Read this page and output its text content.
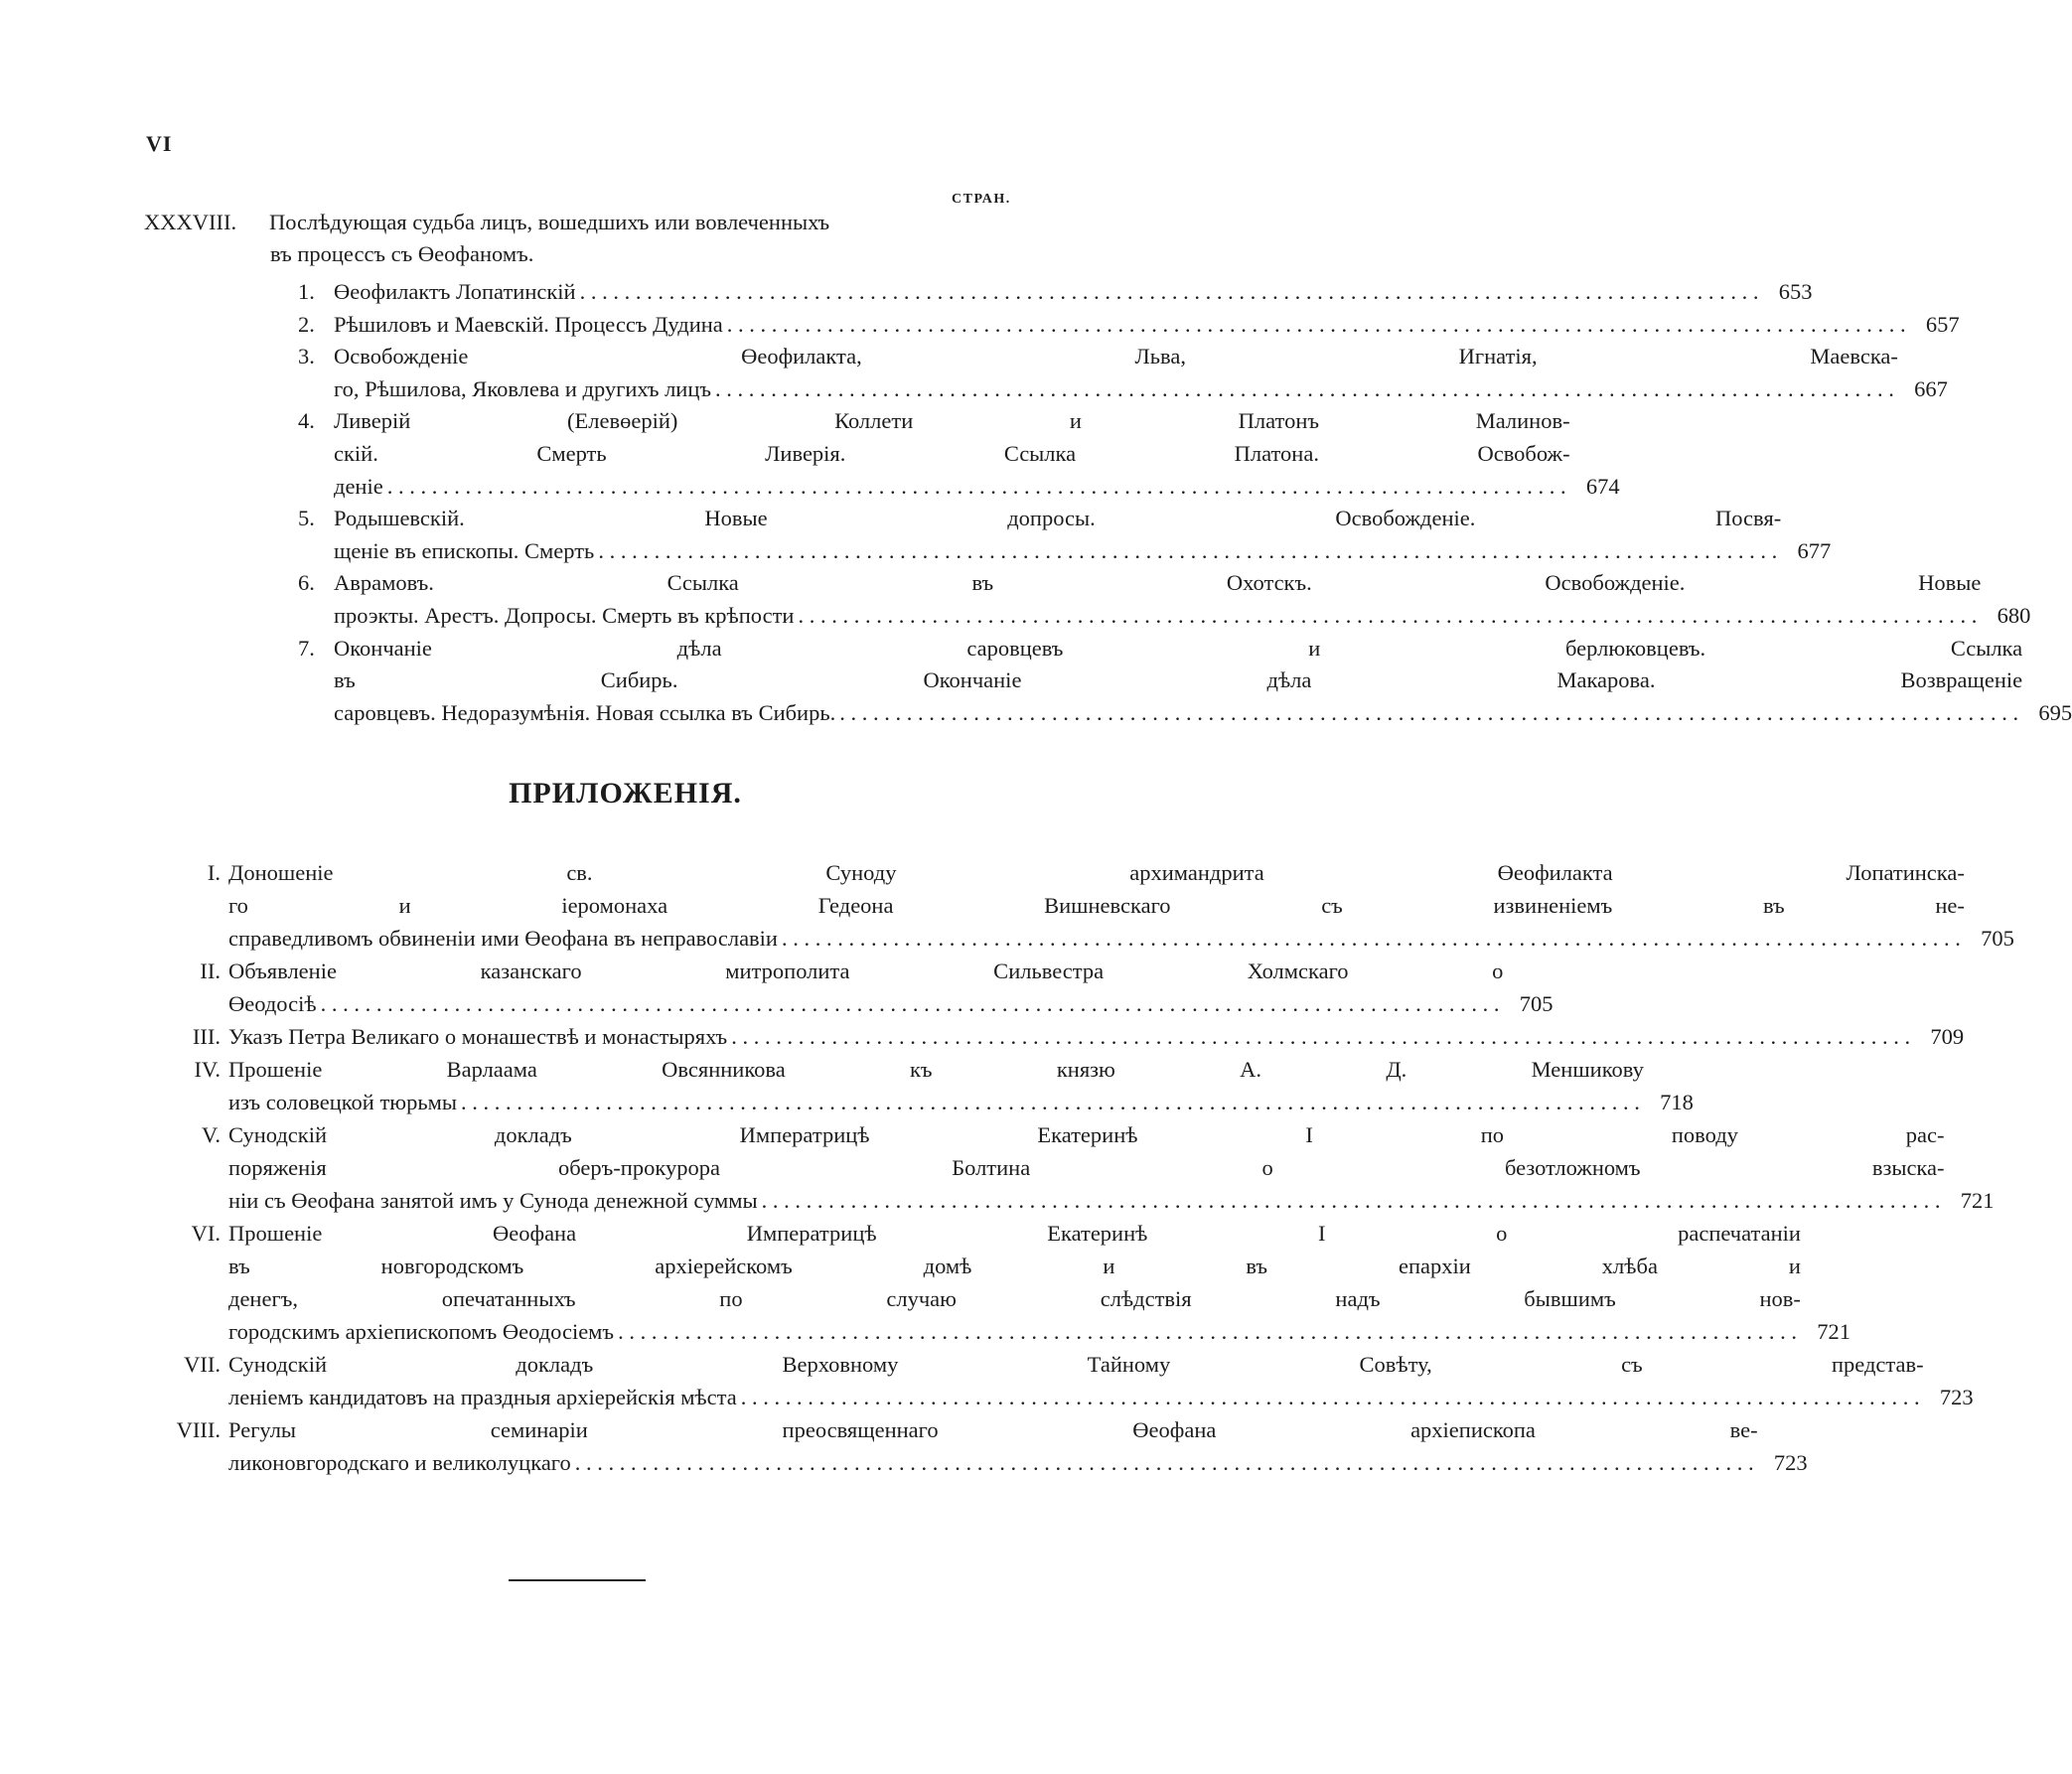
VI
СТРАН.
XXXVIII.	Послѣдующая судьба лицъ, вошедшихъ или вовлеченныхъ
въ процессъ съ Өеофаномъ.
1. Өеофилактъ Лопатинскій . . .	653
2. Рѣшиловъ и Маевскій. Процессъ Дудина . . .	657
3. Освобожденіе Өеофилакта, Льва, Игнатія, Маевска-
го, Рѣшилова, Яковлева и другихъ лицъ . . .	667
4. Ливерій (Елевөерій) Коллети и Платонъ Малинов-
скій. Смерть Ливерія. Ссылка Платона. Освобож-
деніе . . .	674
5. Родышевскій. Новые допросы. Освобожденіе. Посвя-
щеніе въ епископы. Смерть . . .	677
6. Аврамовъ. Ссылка въ Охотскъ. Освобожденіе. Новые
проэкты. Арестъ. Допросы. Смерть въ крѣпости . . .	680
7. Окончаніе дѣла саровцевъ и берлюковцевъ. Ссылка
въ Сибирь. Окончаніе дѣла Макарова. Возвращеніе
саровцевъ. Недоразумѣнія. Новая ссылка въ Сибирь. . . .	695
ПРИЛОЖЕНІЯ.
I. Доношеніе св. Суноду архимандрита Өеофилакта Лопатинска-
го и іеромонаха Гедеона Вишневскаго съ извиненіемъ въ не-
справедливомъ обвиненіи ими Өеофана въ неправославіи . . .	705
II. Объявленіе казанскаго митрополита Сильвестра Холмскаго о
Өеодосіѣ . . .	705
III. Указъ Петра Великаго о монашествѣ и монастыряхъ . . .	709
IV. Прошеніе Варлаама Овсянникова къ князю А. Д. Меншикову
изъ соловецкой тюрьмы . . .	718
V. Сунодскій докладъ Императрицѣ Екатеринѣ I по поводу рас-
поряженія оберъ-прокурора Болтина о безотложномъ взыска-
ніи съ Өеофана занятой имъ у Сунода денежной суммы . . .	721
VI. Прошеніе Өеофана Императрицѣ Екатеринѣ I о распечатаніи
въ новгородскомъ архіерейскомъ домѣ и въ епархіи хлѣба и
денегъ, опечатанныхъ по случаю слѣдствія надъ бывшимъ нов-
городскимъ архіепископомъ Өеодосіемъ . . .	721
VII. Сунодскій докладъ Верховному Тайному Совѣту, съ представ-
леніемъ кандидатовъ на праздныя архіерейскія мѣста . . .	723
VIII. Регулы семинаріи преосвященнаго Өеофана архіепископа ве-
ликоновгородскаго и великолуцкаго . . .	723
